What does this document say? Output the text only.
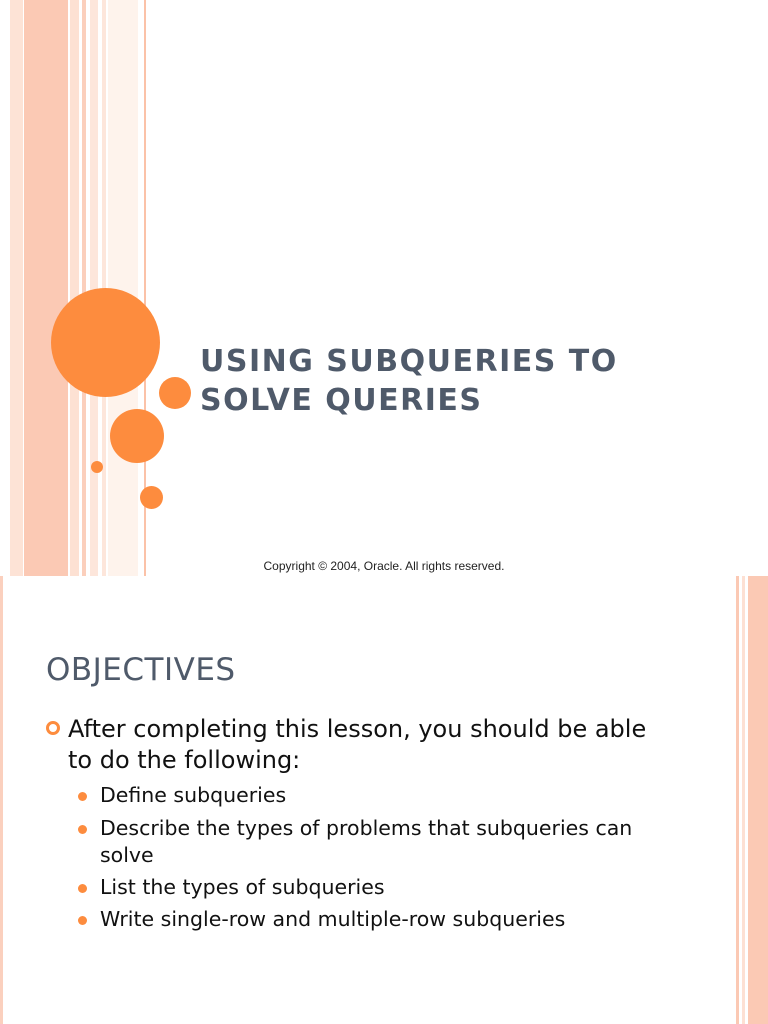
USING SUBQUERIES TO SOLVE QUERIES
Copyright © 2004, Oracle. All rights reserved.
OBJECTIVES
After completing this lesson, you should be able to do the following:
Define subqueries
Describe the types of problems that subqueries can solve
List the types of subqueries
Write single-row and multiple-row subqueries
